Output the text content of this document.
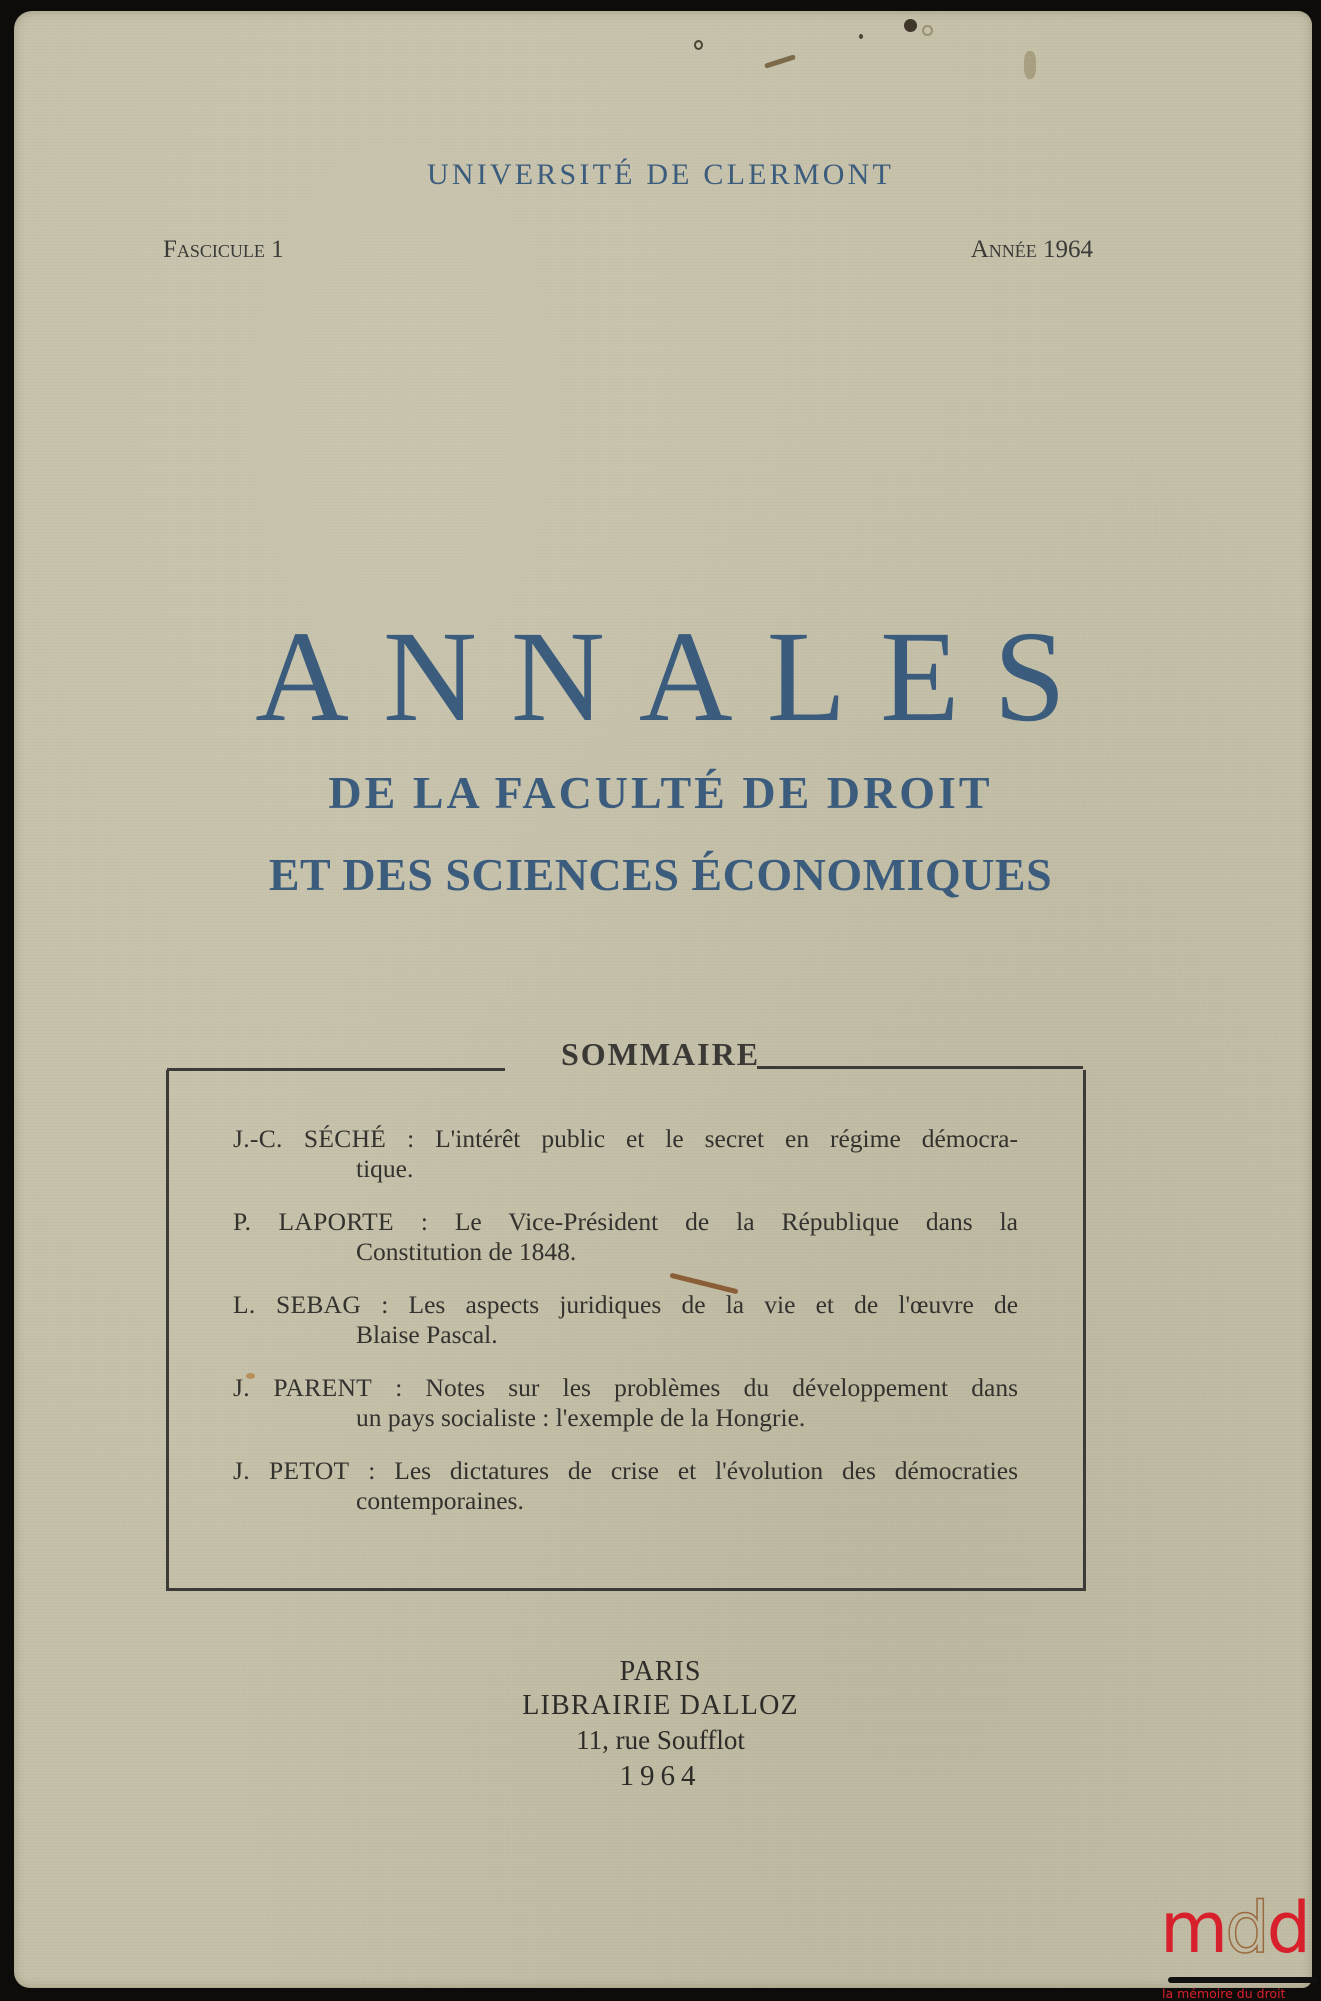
UNIVERSITÉ DE CLERMONT
Fascicule 1	Année 1964
ANNALES
DE LA FACULTÉ DE DROIT
ET DES SCIENCES ÉCONOMIQUES
SOMMAIRE
J.-C. SÉCHÉ : L'intérêt public et le secret en régime démocra-
tique.
P. LAPORTE : Le Vice-Président de la République dans la
Constitution de 1848.
L. SEBAG : Les aspects juridiques de la vie et de l'œuvre de
Blaise Pascal.
J. PARENT : Notes sur les problèmes du développement dans
un pays socialiste : l'exemple de la Hongrie.
J. PETOT : Les dictatures de crise et l'évolution des démocraties
contemporaines.
PARIS
LIBRAIRIE DALLOZ
11, rue Soufflot
1964
mdd
la mémoire du droit
